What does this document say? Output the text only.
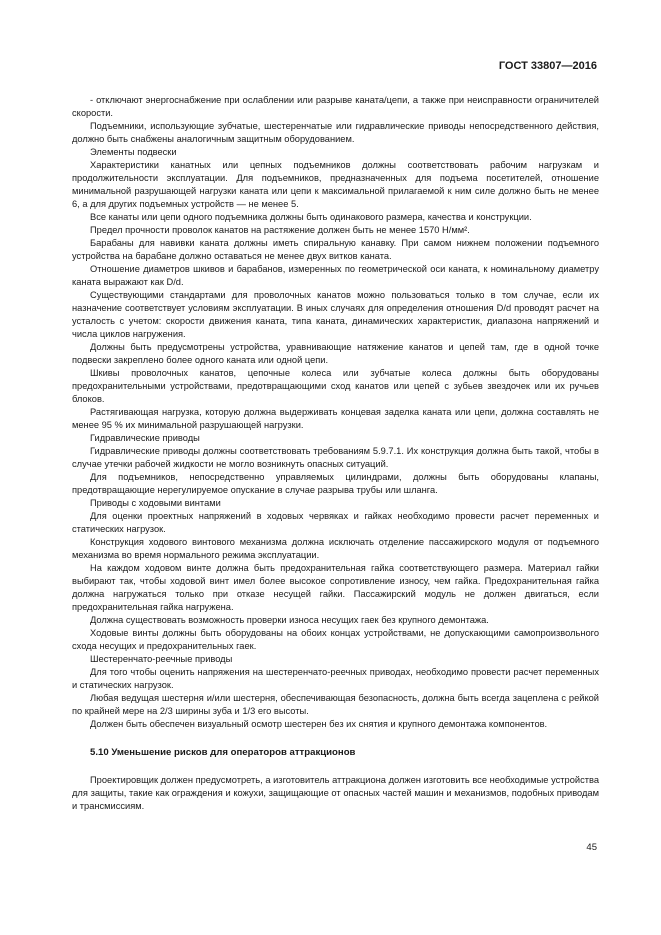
ГОСТ 33807—2016

- отключают энергоснабжение при ослаблении или разрыве каната/цепи, а также при неисправности ограничителей скорости.

Подъемники, использующие зубчатые, шестеренчатые или гидравлические приводы непосредственного действия, должно быть снабжены аналогичным защитным оборудованием.

Элементы подвески

Характеристики канатных или цепных подъемников должны соответствовать рабочим нагрузкам и продолжительности эксплуатации. Для подъемников, предназначенных для подъема посетителей, отношение минимальной разрушающей нагрузки каната или цепи к максимальной прилагаемой к ним силе должно быть не менее 6, а для других подъемных устройств — не менее 5.

Все канаты или цепи одного подъемника должны быть одинакового размера, качества и конструкции.

Предел прочности проволок канатов на растяжение должен быть не менее 1570 Н/мм².

Барабаны для навивки каната должны иметь спиральную канавку. При самом нижнем положении подъемного устройства на барабане должно оставаться не менее двух витков каната.

Отношение диаметров шкивов и барабанов, измеренных по геометрической оси каната, к номинальному диаметру каната выражают как D/d.

Существующими стандартами для проволочных канатов можно пользоваться только в том случае, если их назначение соответствует условиям эксплуатации. В иных случаях для определения отношения D/d проводят расчет на усталость с учетом: скорости движения каната, типа каната, динамических характеристик, диапазона напряжений и числа циклов нагружения.

Должны быть предусмотрены устройства, уравнивающие натяжение канатов и цепей там, где в одной точке подвески закреплено более одного каната или одной цепи.

Шкивы проволочных канатов, цепочные колеса или зубчатые колеса должны быть оборудованы предохранительными устройствами, предотвращающими сход канатов или цепей с зубьев звездочек или их ручьев блоков.

Растягивающая нагрузка, которую должна выдерживать концевая заделка каната или цепи, должна составлять не менее 95 % их минимальной разрушающей нагрузки.

Гидравлические приводы

Гидравлические приводы должны соответствовать требованиям 5.9.7.1. Их конструкция должна быть такой, чтобы в случае утечки рабочей жидкости не могло возникнуть опасных ситуаций.

Для подъемников, непосредственно управляемых цилиндрами, должны быть оборудованы клапаны, предотвращающие нерегулируемое опускание в случае разрыва трубы или шланга.

Приводы с ходовыми винтами

Для оценки проектных напряжений в ходовых червяках и гайках необходимо провести расчет переменных и статических нагрузок.

Конструкция ходового винтового механизма должна исключать отделение пассажирского модуля от подъемного механизма во время нормального режима эксплуатации.

На каждом ходовом винте должна быть предохранительная гайка соответствующего размера. Материал гайки выбирают так, чтобы ходовой винт имел более высокое сопротивление износу, чем гайка. Предохранительная гайка должна нагружаться только при отказе несущей гайки. Пассажирский модуль не должен двигаться, если предохранительная гайка нагружена.

Должна существовать возможность проверки износа несущих гаек без крупного демонтажа.

Ходовые винты должны быть оборудованы на обоих концах устройствами, не допускающими самопроизвольного схода несущих и предохранительных гаек.

Шестеренчато-реечные приводы

Для того чтобы оценить напряжения на шестеренчато-реечных приводах, необходимо провести расчет переменных и статических нагрузок.

Любая ведущая шестерня и/или шестерня, обеспечивающая безопасность, должна быть всегда зацеплена с рейкой по крайней мере на 2/3 ширины зуба и 1/3 его высоты.

Должен быть обеспечен визуальный осмотр шестерен без их снятия и крупного демонтажа компонентов.

5.10 Уменьшение рисков для операторов аттракционов

Проектировщик должен предусмотреть, а изготовитель аттракциона должен изготовить все необходимые устройства для защиты, такие как ограждения и кожухи, защищающие от опасных частей машин и механизмов, подобных приводам и трансмиссиям.

45
